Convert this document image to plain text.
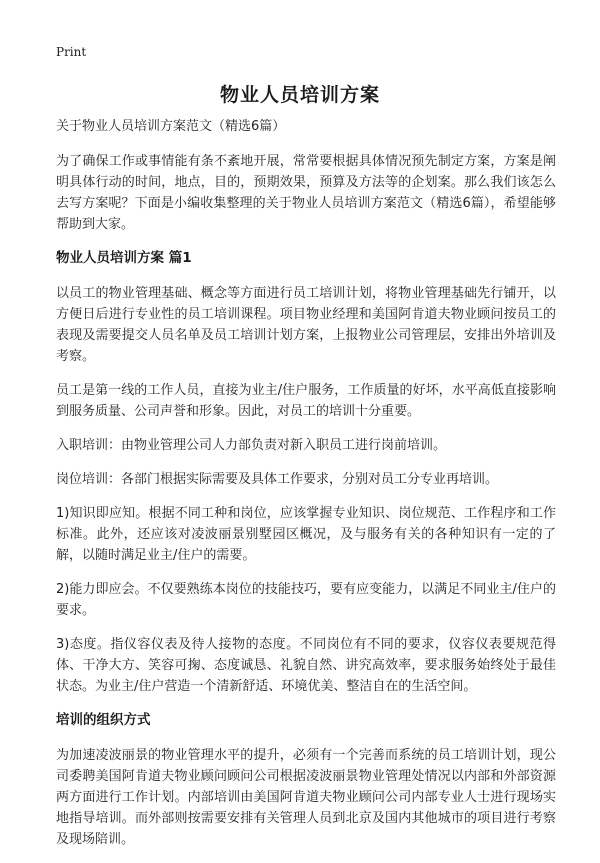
Print
物业人员培训方案
关于物业人员培训方案范文（精选6篇）

为了确保工作或事情能有条不紊地开展，常常要根据具体情况预先制定方案，方案是阐明具体行动的时间，地点，目的，预期效果，预算及方法等的企划案。那么我们该怎么去写方案呢？下面是小编收集整理的关于物业人员培训方案范文（精选6篇），希望能够帮助到大家。

物业人员培训方案 篇1

以员工的物业管理基础、概念等方面进行员工培训计划，将物业管理基础先行铺开，以方便日后进行专业性的员工培训课程。项目物业经理和美国阿肯道夫物业顾问按员工的表现及需要提交人员名单及员工培训计划方案，上报物业公司管理层，安排出外培训及考察。

员工是第一线的工作人员，直接为业主/住户服务，工作质量的好坏，水平高低直接影响到服务质量、公司声誉和形象。因此，对员工的培训十分重要。

入职培训：由物业管理公司人力部负责对新入职员工进行岗前培训。

岗位培训：各部门根据实际需要及具体工作要求，分别对员工分专业再培训。

1)知识即应知。根据不同工种和岗位，应该掌握专业知识、岗位规范、工作程序和工作标准。此外，还应该对凌波丽景别墅园区概况，及与服务有关的各种知识有一定的了解，以随时满足业主/住户的需要。

2)能力即应会。不仅要熟练本岗位的技能技巧，要有应变能力，以满足不同业主/住户的要求。

3)态度。指仪容仪表及待人接物的态度。不同岗位有不同的要求，仪容仪表要规范得体、干净大方、笑容可掬、态度诚恳、礼貌自然、讲究高效率，要求服务始终处于最佳状态。为业主/住户营造一个清新舒适、环境优美、整洁自在的生活空间。

培训的组织方式

为加速凌波丽景的物业管理水平的提升，必须有一个完善而系统的员工培训计划，现公司委聘美国阿肯道夫物业顾问顾问公司根据凌波丽景物业管理处情况以内部和外部资源两方面进行工作计划。内部培训由美国阿肯道夫物业顾问公司内部专业人士进行现场实地指导培训。而外部则按需要安排有关管理人员到北京及国内其他城市的项目进行考察及现场陪训。
